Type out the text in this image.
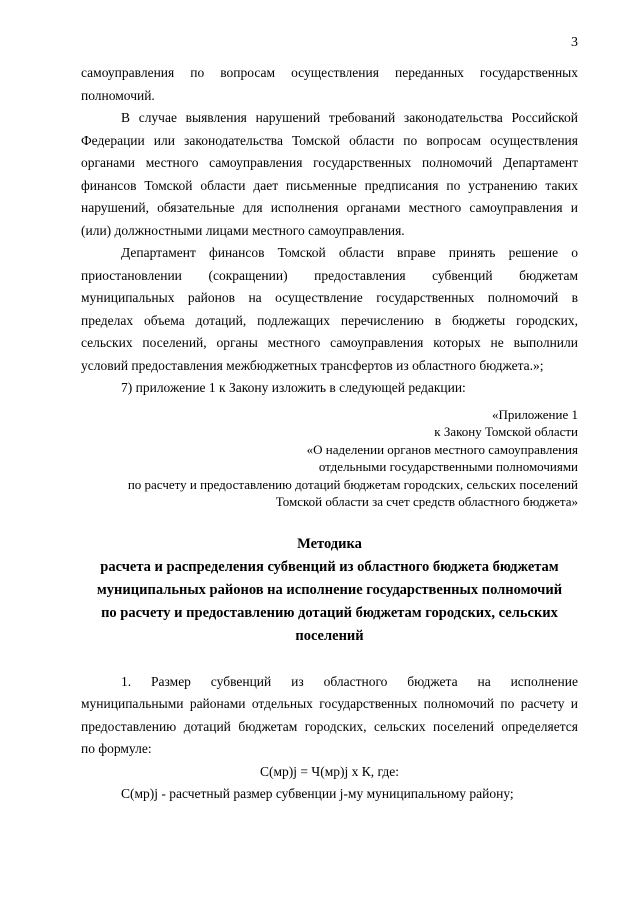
3

самоуправления по вопросам осуществления переданных государственных

полномочий.

В случае выявления нарушений требований законодательства Российской

Федерации или законодательства Томской области по вопросам осуществления

органами местного самоуправления государственных полномочий Департамент

финансов Томской области дает письменные предписания по устранению таких

нарушений, обязательные для исполнения органами местного самоуправления и

(или) должностными лицами местного самоуправления.

Департамент финансов Томской области вправе принять решение о

приостановлении (сокращении) предоставления субвенций бюджетам

муниципальных районов на осуществление государственных полномочий в

пределах объема дотаций, подлежащих перечислению в бюджеты городских,

сельских поселений, органы местного самоуправления которых не выполнили

условий предоставления межбюджетных трансфертов из областного бюджета.»;

7) приложение 1 к Закону изложить в следующей редакции:

«Приложение 1
к Закону Томской области
«О наделении органов местного самоуправления
отдельными государственными полномочиями
по расчету и предоставлению дотаций бюджетам городских, сельских поселений
Томской области за счет средств областного бюджета»
Методика
расчета и распределения субвенций из областного бюджета бюджетам
муниципальных районов на исполнение государственных полномочий
по расчету и предоставлению дотаций бюджетам городских, сельских
поселений

1. Размер субвенций из областного бюджета на исполнение

муниципальными районами отдельных государственных полномочий по расчету и

предоставлению дотаций бюджетам городских, сельских поселений определяется

по формуле:

С(мр)j = Ч(мр)j x К, где:

С(мр)j - расчетный размер субвенции j-му муниципальному району;
